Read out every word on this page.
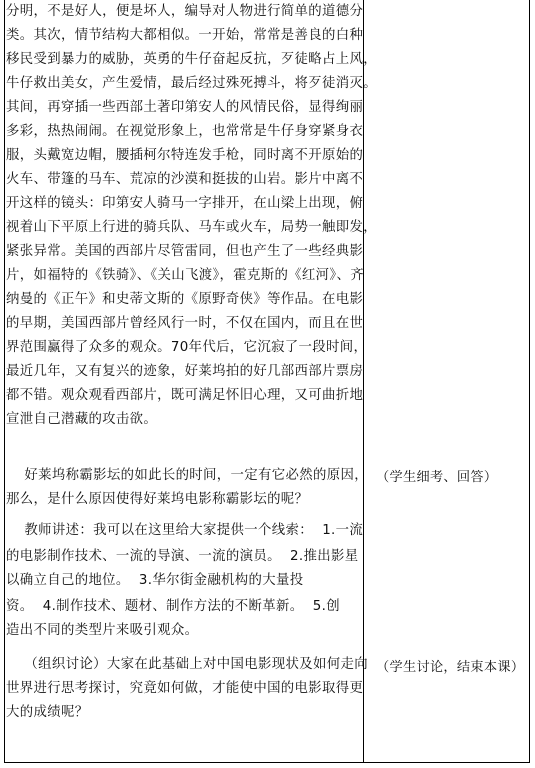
分明，不是好人，便是坏人，编导对人物进行简单的道德分
类。其次，情节结构大都相似。一开始，常常是善良的白种
移民受到暴力的威胁，英勇的牛仔奋起反抗，歹徒略占上风，
牛仔救出美女，产生爱情，最后经过殊死搏斗，将歹徒消灭。
其间，再穿插一些西部土著印第安人的风情民俗，显得绚丽
多彩，热热闹闹。在视觉形象上，也常常是牛仔身穿紧身衣
服，头戴宽边帽，腰插柯尔特连发手枪，同时离不开原始的
火车、带篷的马车、荒凉的沙漠和挺拔的山岩。影片中离不
开这样的镜头：印第安人骑马一字排开，在山梁上出现，俯
视着山下平原上行进的骑兵队、马车或火车，局势一触即发，
紧张异常。美国的西部片尽管雷同，但也产生了一些经典影
片，如福特的《铁骑》、《关山飞渡》，霍克斯的《红河》、齐
纳曼的《正午》和史蒂文斯的《原野奇侠》等作品。在电影
的早期，美国西部片曾经风行一时，不仅在国内，而且在世
界范围赢得了众多的观众。70年代后，它沉寂了一段时间，
最近几年，又有复兴的迹象，好莱坞拍的好几部西部片票房
都不错。观众观看西部片，既可满足怀旧心理，又可曲折地
宣泄自己潜藏的攻击欲。
好莱坞称霸影坛的如此长的时间，一定有它必然的原因，
那么，是什么原因使得好莱坞电影称霸影坛的呢？
教师讲述：我可以在这里给大家提供一个线索：  1.一流
的电影制作技术、一流的导演、一流的演员。  2.推出影星
以确立自己的地位。  3.华尔街金融机构的大量投
资。  4.制作技术、题材、制作方法的不断革新。  5.创
造出不同的类型片来吸引观众。
（组织讨论）大家在此基础上对中国电影现状及如何走向
世界进行思考探讨，究竟如何做，才能使中国的电影取得更
大的成绩呢？
（学生细考、回答）
（学生讨论，结束本课）
